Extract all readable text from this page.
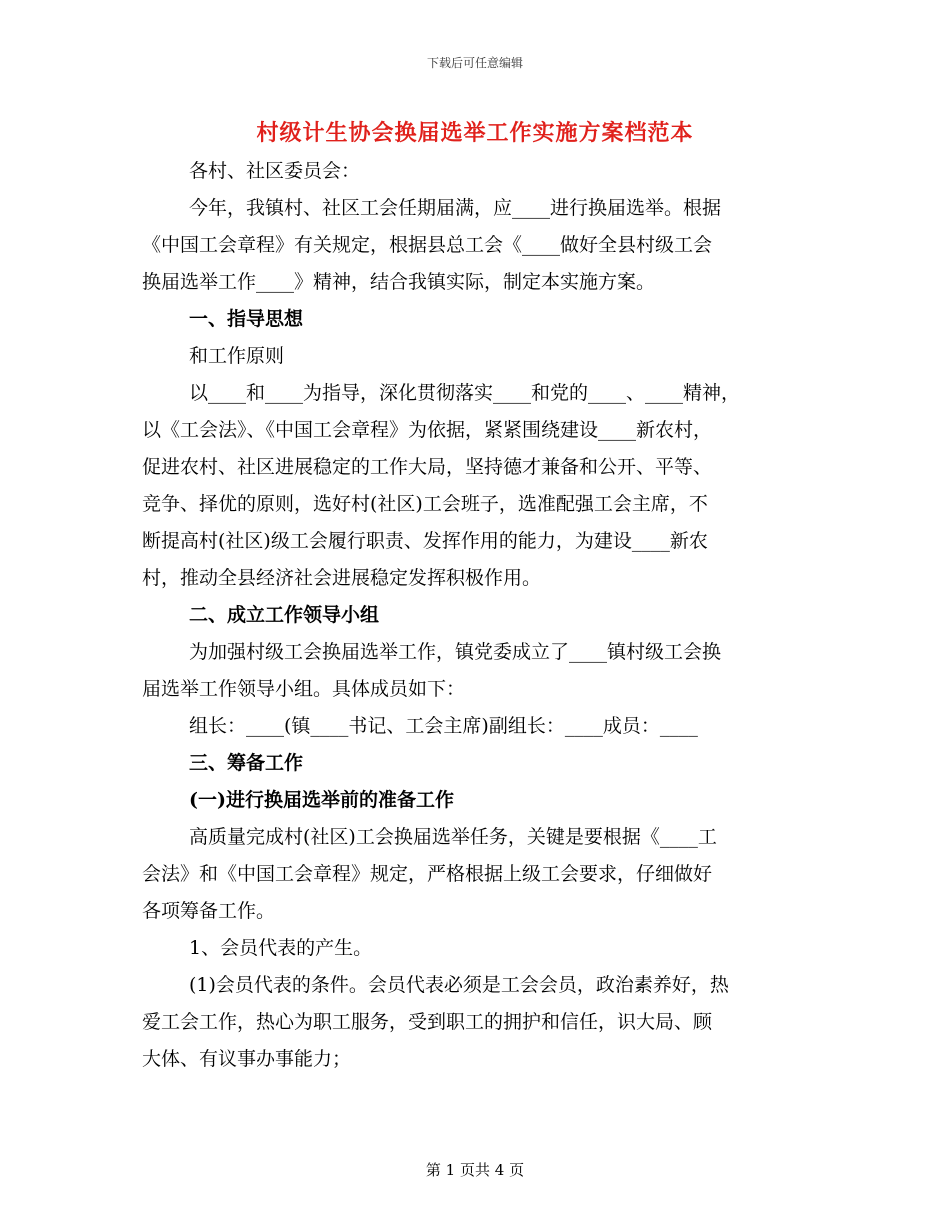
下载后可任意编辑
村级计生协会换届选举工作实施方案档范本
各村、社区委员会：
今年，我镇村、社区工会任期届满，应____进行换届选举。根据
《中国工会章程》有关规定，根据县总工会《____做好全县村级工会
换届选举工作____》精神，结合我镇实际，制定本实施方案。
一、指导思想
和工作原则
以____和____为指导，深化贯彻落实____和党的____、____精神，
以《工会法》、《中国工会章程》为依据，紧紧围绕建设____新农村，
促进农村、社区进展稳定的工作大局，坚持德才兼备和公开、平等、
竞争、择优的原则，选好村(社区)工会班子，选准配强工会主席，不
断提高村(社区)级工会履行职责、发挥作用的能力，为建设____新农
村，推动全县经济社会进展稳定发挥积极作用。
二、成立工作领导小组
为加强村级工会换届选举工作，镇党委成立了____镇村级工会换
届选举工作领导小组。具体成员如下：
组长：____(镇____书记、工会主席)副组长：____成员：____
三、筹备工作
(一)进行换届选举前的准备工作
高质量完成村(社区)工会换届选举任务，关键是要根据《____工
会法》和《中国工会章程》规定，严格根据上级工会要求，仔细做好
各项筹备工作。
1、会员代表的产生。
(1)会员代表的条件。会员代表必须是工会会员，政治素养好，热
爱工会工作，热心为职工服务，受到职工的拥护和信任，识大局、顾
大体、有议事办事能力；
第 1 页共 4 页
